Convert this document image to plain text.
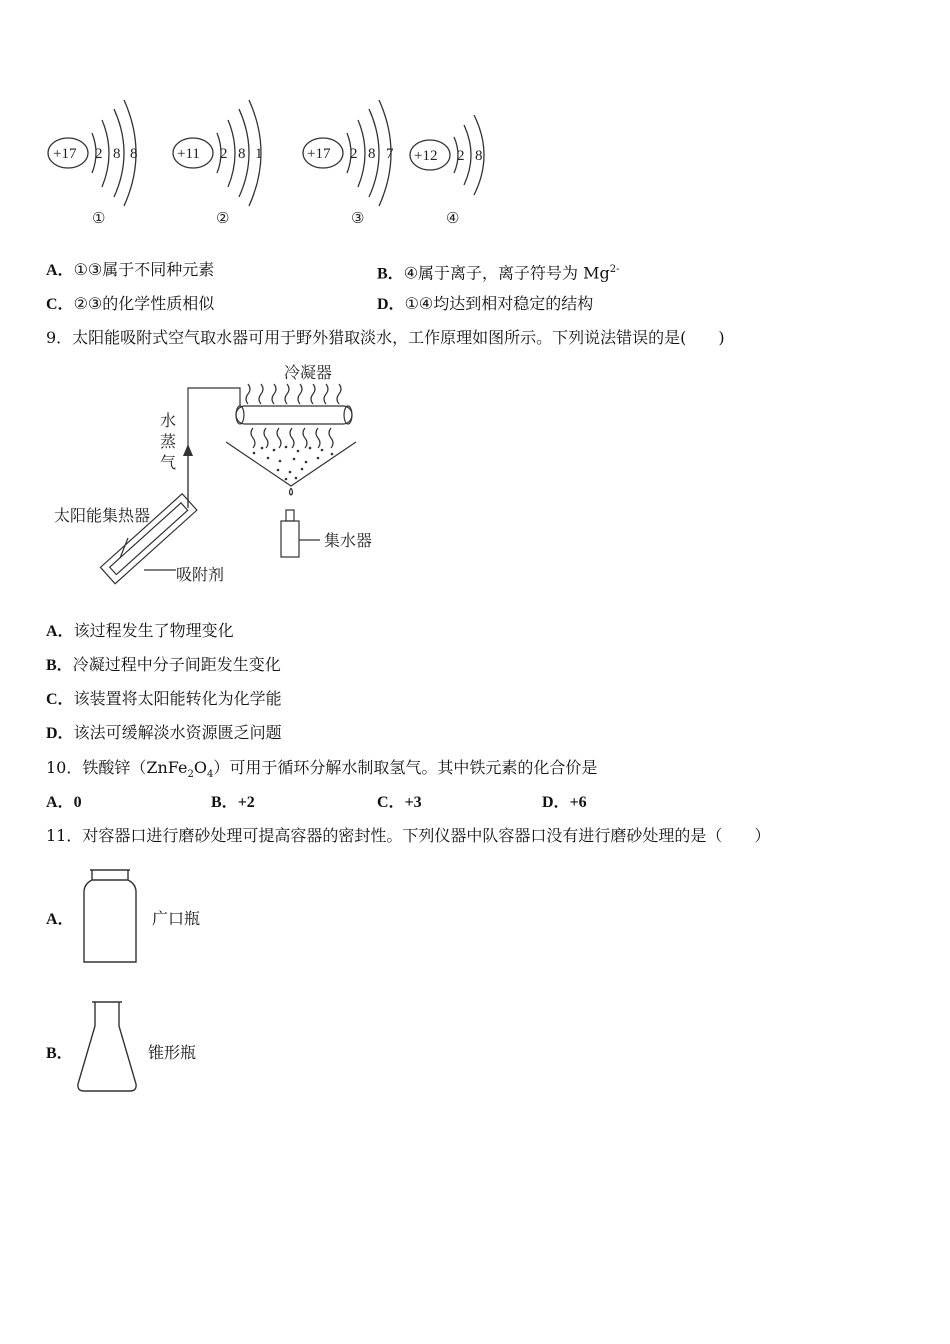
+17 2 8 8
①
+11 2 8 1
②
+17 2 8 7
③
+12 2 8
④
A．①③属于不同种元素	B．④属于离子，离子符号为 $Mg^{2-}$
C．②③的化学性质相似	D．①④均达到相对稳定的结构
9．太阳能吸附式空气取水器可用于野外猎取淡水，工作原理如图所示。下列说法错误的是(　　)
冷凝器
水
蒸
气
太阳能集热器
吸附剂
集水器
A．该过程发生了物理变化
B．冷凝过程中分子间距发生变化
C．该装置将太阳能转化为化学能
D．该法可缓解淡水资源匮乏问题
10．铁酸锌$(ZnFe_2O_4)$可用于循环分解水制取氢气。其中铁元素的化合价是
A．0	B．+2	C．+3	D．+6
11．对容器口进行磨砂处理可提高容器的密封性。下列仪器中队容器口没有进行磨砂处理的是（　　）
A．	广口瓶
B．	锥形瓶
